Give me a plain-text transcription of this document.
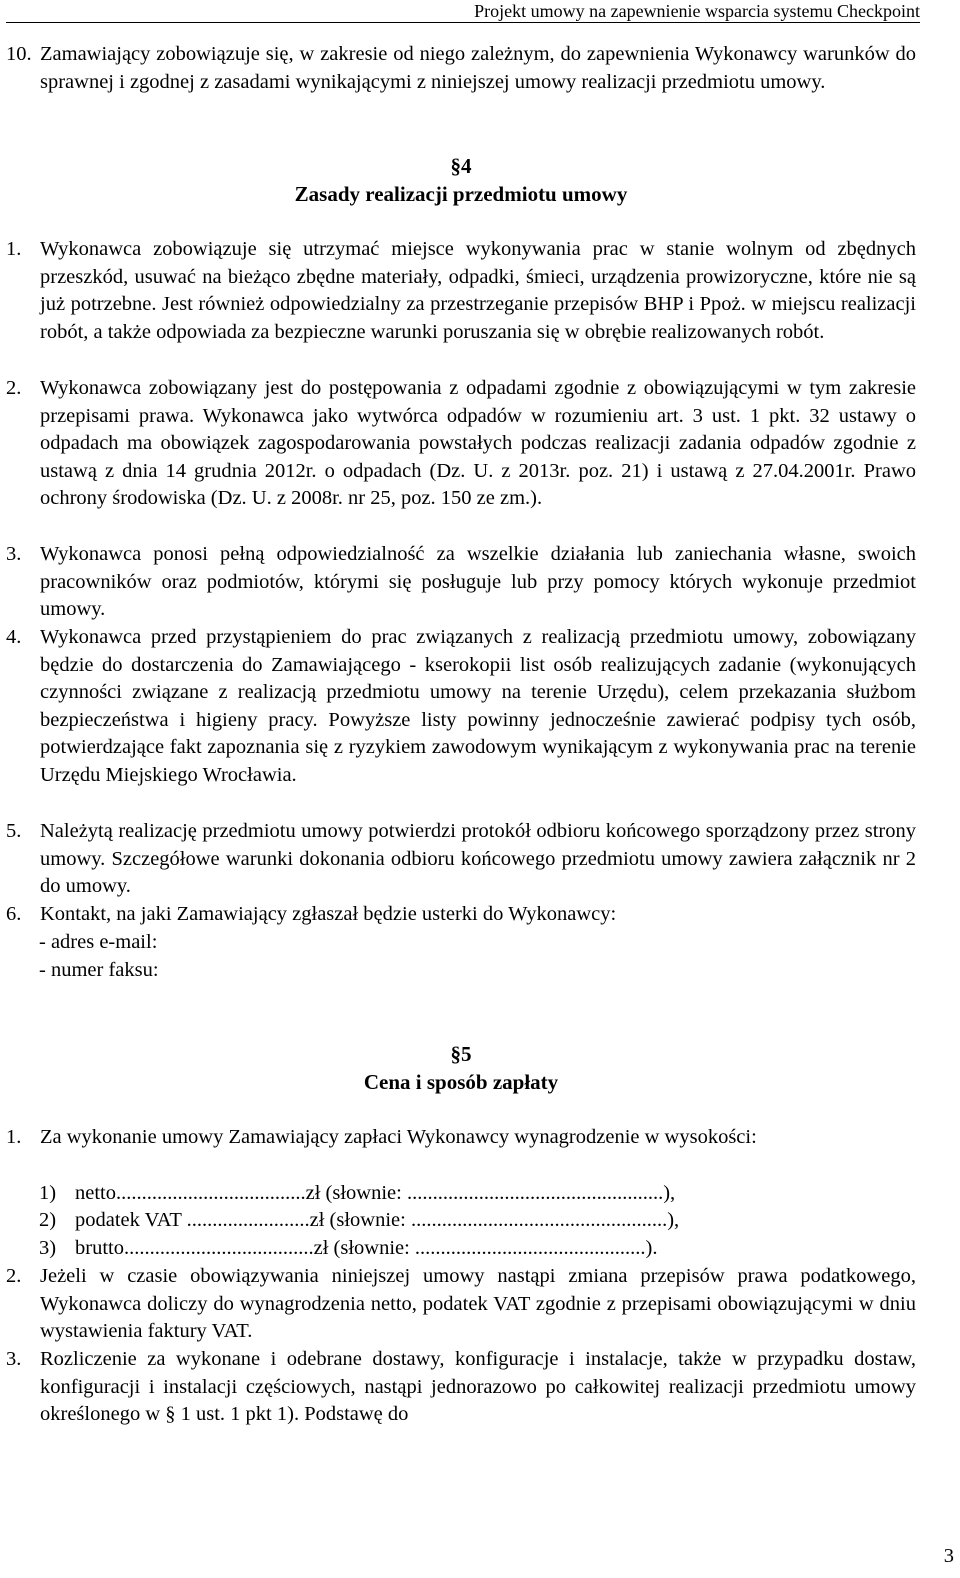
Projekt umowy na zapewnienie wsparcia systemu Checkpoint
10. Zamawiający zobowiązuje się, w zakresie od niego zależnym, do zapewnienia Wykonawcy warunków do sprawnej i zgodnej z zasadami wynikającymi z niniejszej umowy realizacji przedmiotu umowy.
§4
Zasady realizacji przedmiotu umowy
1. Wykonawca zobowiązuje się utrzymać miejsce wykonywania prac w stanie wolnym od zbędnych przeszkód, usuwać na bieżąco zbędne materiały, odpadki, śmieci, urządzenia prowizoryczne, które nie są już potrzebne. Jest również odpowiedzialny za przestrzeganie przepisów BHP i Ppoż. w miejscu realizacji robót, a także odpowiada za bezpieczne warunki poruszania się w obrębie realizowanych robót.
2. Wykonawca zobowiązany jest do postępowania z odpadami zgodnie z obowiązującymi w tym zakresie przepisami prawa. Wykonawca jako wytwórca odpadów w rozumieniu art. 3 ust. 1 pkt. 32 ustawy o odpadach ma obowiązek zagospodarowania powstałych podczas realizacji zadania odpadów zgodnie z ustawą z dnia 14 grudnia 2012r. o odpadach (Dz. U. z 2013r. poz. 21) i ustawą z 27.04.2001r. Prawo ochrony środowiska (Dz. U. z 2008r. nr 25, poz. 150 ze zm.).
3. Wykonawca ponosi pełną odpowiedzialność za wszelkie działania lub zaniechania własne, swoich pracowników oraz podmiotów, którymi się posługuje lub przy pomocy których wykonuje przedmiot umowy.
4. Wykonawca przed przystąpieniem do prac związanych z realizacją przedmiotu umowy, zobowiązany będzie do dostarczenia do Zamawiającego - kserokopii list osób realizujących zadanie (wykonujących czynności związane z realizacją przedmiotu umowy na terenie Urzędu), celem przekazania służbom bezpieczeństwa i higieny pracy. Powyższe listy powinny jednocześnie zawierać podpisy tych osób, potwierdzające fakt zapoznania się z ryzykiem zawodowym wynikającym z wykonywania prac na terenie Urzędu Miejskiego Wrocławia.
5. Należytą realizację przedmiotu umowy potwierdzi protokół odbioru końcowego sporządzony przez strony umowy. Szczegółowe warunki dokonania odbioru końcowego przedmiotu umowy zawiera załącznik nr 2 do umowy.
6. Kontakt, na jaki Zamawiający zgłaszał będzie usterki do Wykonawcy:
- adres e-mail:
- numer faksu:
§5
Cena i sposób zapłaty
1. Za wykonanie umowy Zamawiający zapłaci Wykonawcy wynagrodzenie w wysokości:
1) netto.....................................zł (słownie: ..................................................),
2) podatek VAT ........................zł (słownie: ..................................................),
3) brutto.....................................zł (słownie: .............................................).
2. Jeżeli w czasie obowiązywania niniejszej umowy nastąpi zmiana przepisów prawa podatkowego, Wykonawca doliczy do wynagrodzenia netto, podatek VAT zgodnie z przepisami obowiązującymi w dniu wystawienia faktury VAT.
3. Rozliczenie za wykonane i odebrane dostawy, konfiguracje i instalacje, także w przypadku dostaw, konfiguracji i instalacji częściowych, nastąpi jednorazowo po całkowitej realizacji przedmiotu umowy określonego w § 1 ust. 1 pkt 1). Podstawę do
3
